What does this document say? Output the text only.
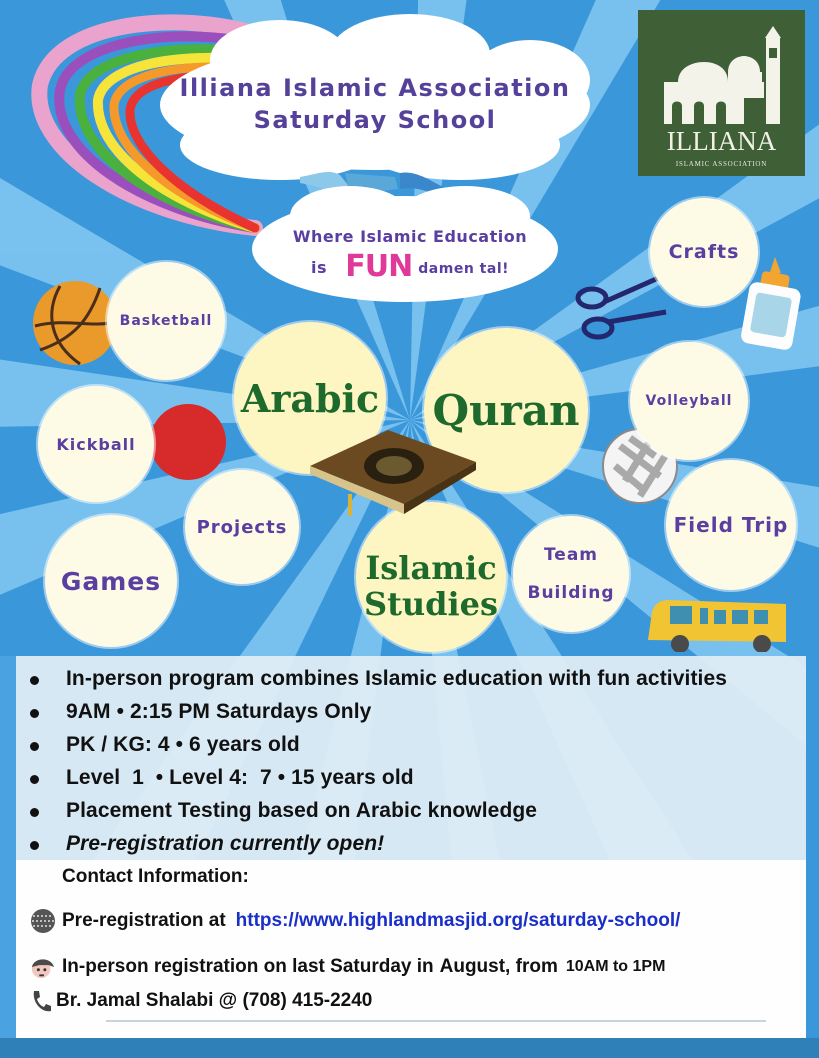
Illiana Islamic Association
Saturday School
Where Islamic Education
is FUN damen tal!
ILLIANA
ISLAMIC ASSOCIATION
Basketball
Kickball
Projects
Games
Crafts
Volleyball
Field Trip
Team
Building
Arabic Quran
Islamic
Studies
In-person program combines Islamic education with fun activities
9AM • 2:15 PM Saturdays Only
PK / KG: 4 • 6 years old
Level  1  • Level 4:  7 • 15 years old
Placement Testing based on Arabic knowledge
Pre-registration currently open!
Contact Information:
Pre-registration at https://www.highlandmasjid.org/saturday-school/
In-person registration on last Saturday in August, from 10AM to 1PM
Br. Jamal Shalabi @ (708) 415-2240
